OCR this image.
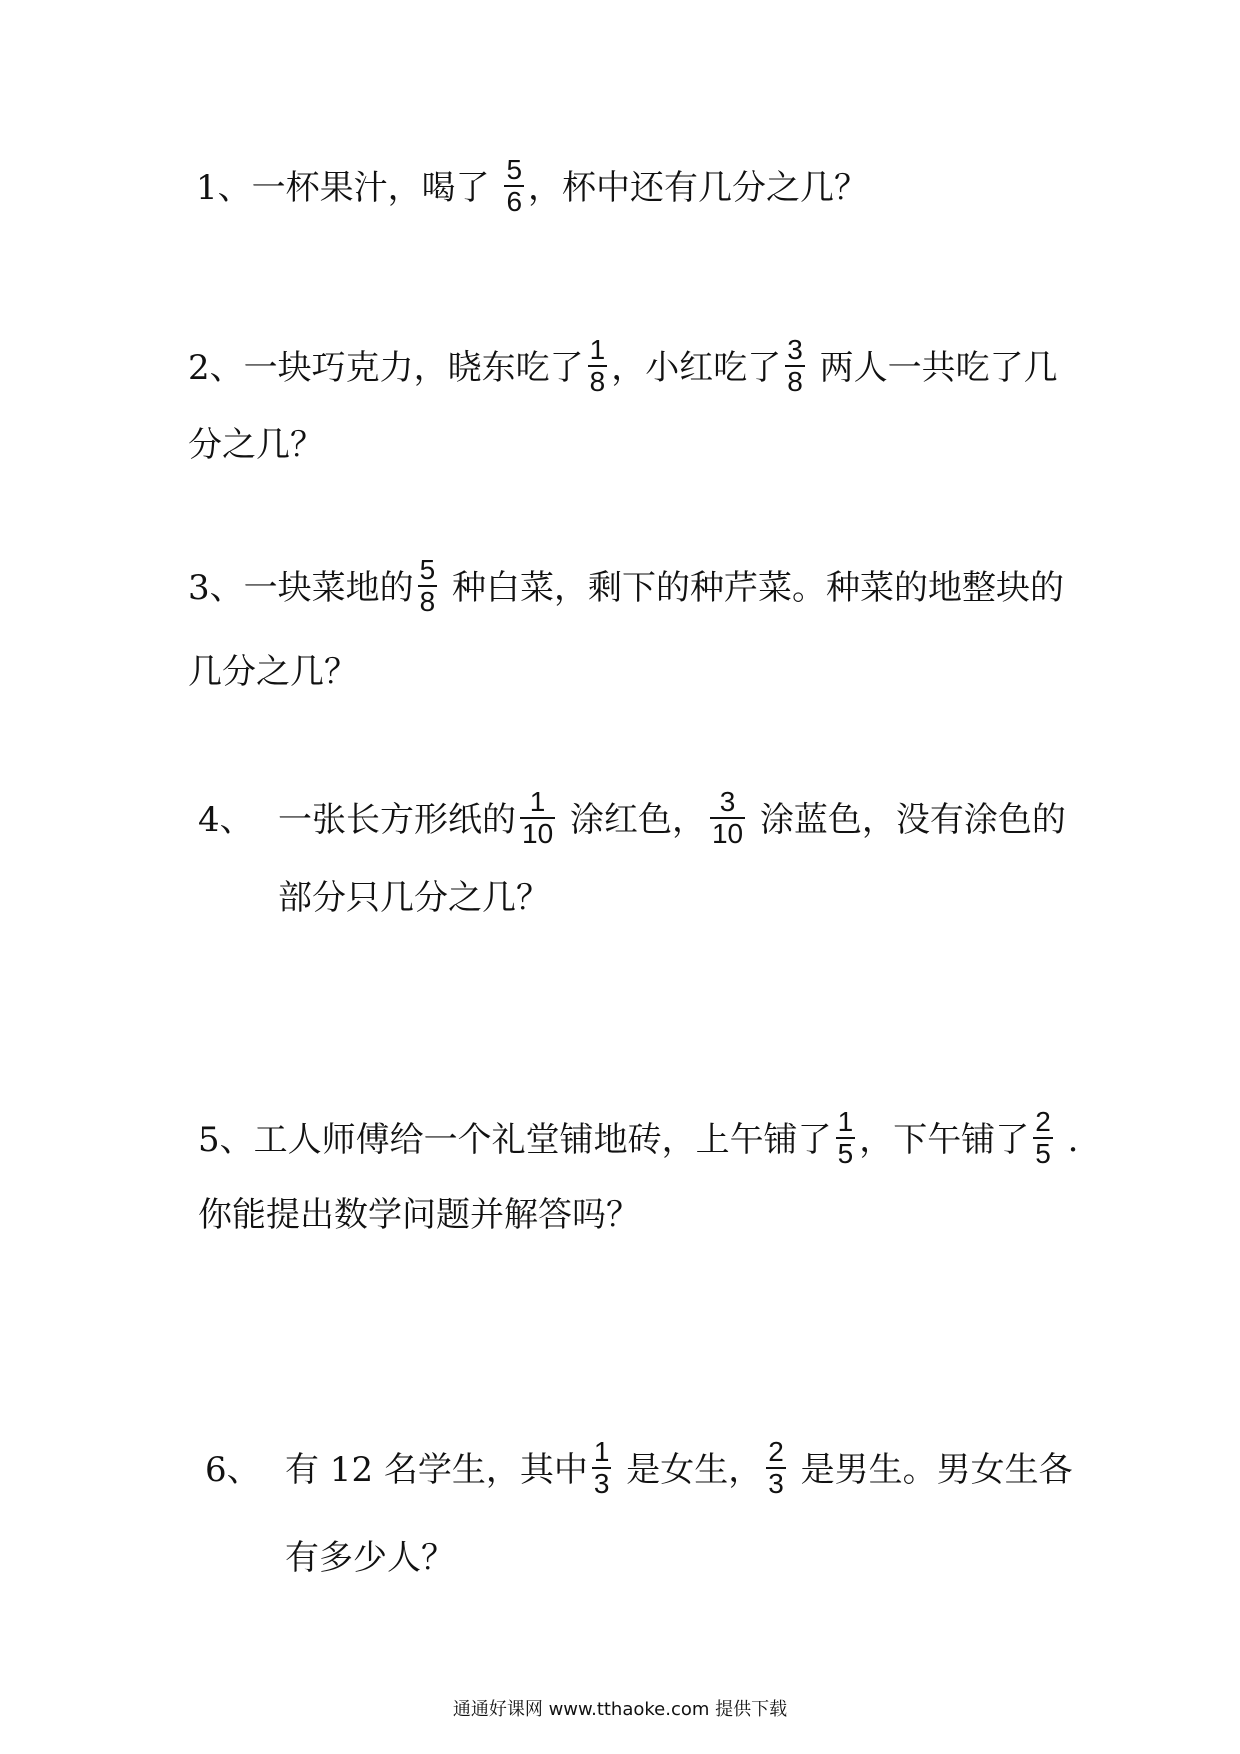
1、一杯果汁，喝了 $\frac{5}{6}$ ，杯中还有几分之几？
2、一块巧克力，晓东吃了 $\frac{1}{8}$ ，小红吃了 $\frac{3}{8}$ 两人一共吃了几
分之几？
3、一块菜地的 $\frac{5}{8}$ 种白菜，剩下的种芹菜。种菜的地整块的
几分之几？
4、 一张长方形纸的 $\frac{1}{10}$ 涂红色， $\frac{3}{10}$ 涂蓝色，没有涂色的
部分只几分之几？
5、工人师傅给一个礼堂铺地砖，上午铺了 $\frac{1}{5}$ ，下午铺了 $\frac{2}{5}$ .
你能提出数学问题并解答吗？
6、 有 12 名学生，其中 $\frac{1}{3}$ 是女生， $\frac{2}{3}$ 是男生。男女生各
有多少人？
通通好课网 www.tthaoke.com 提供下载
